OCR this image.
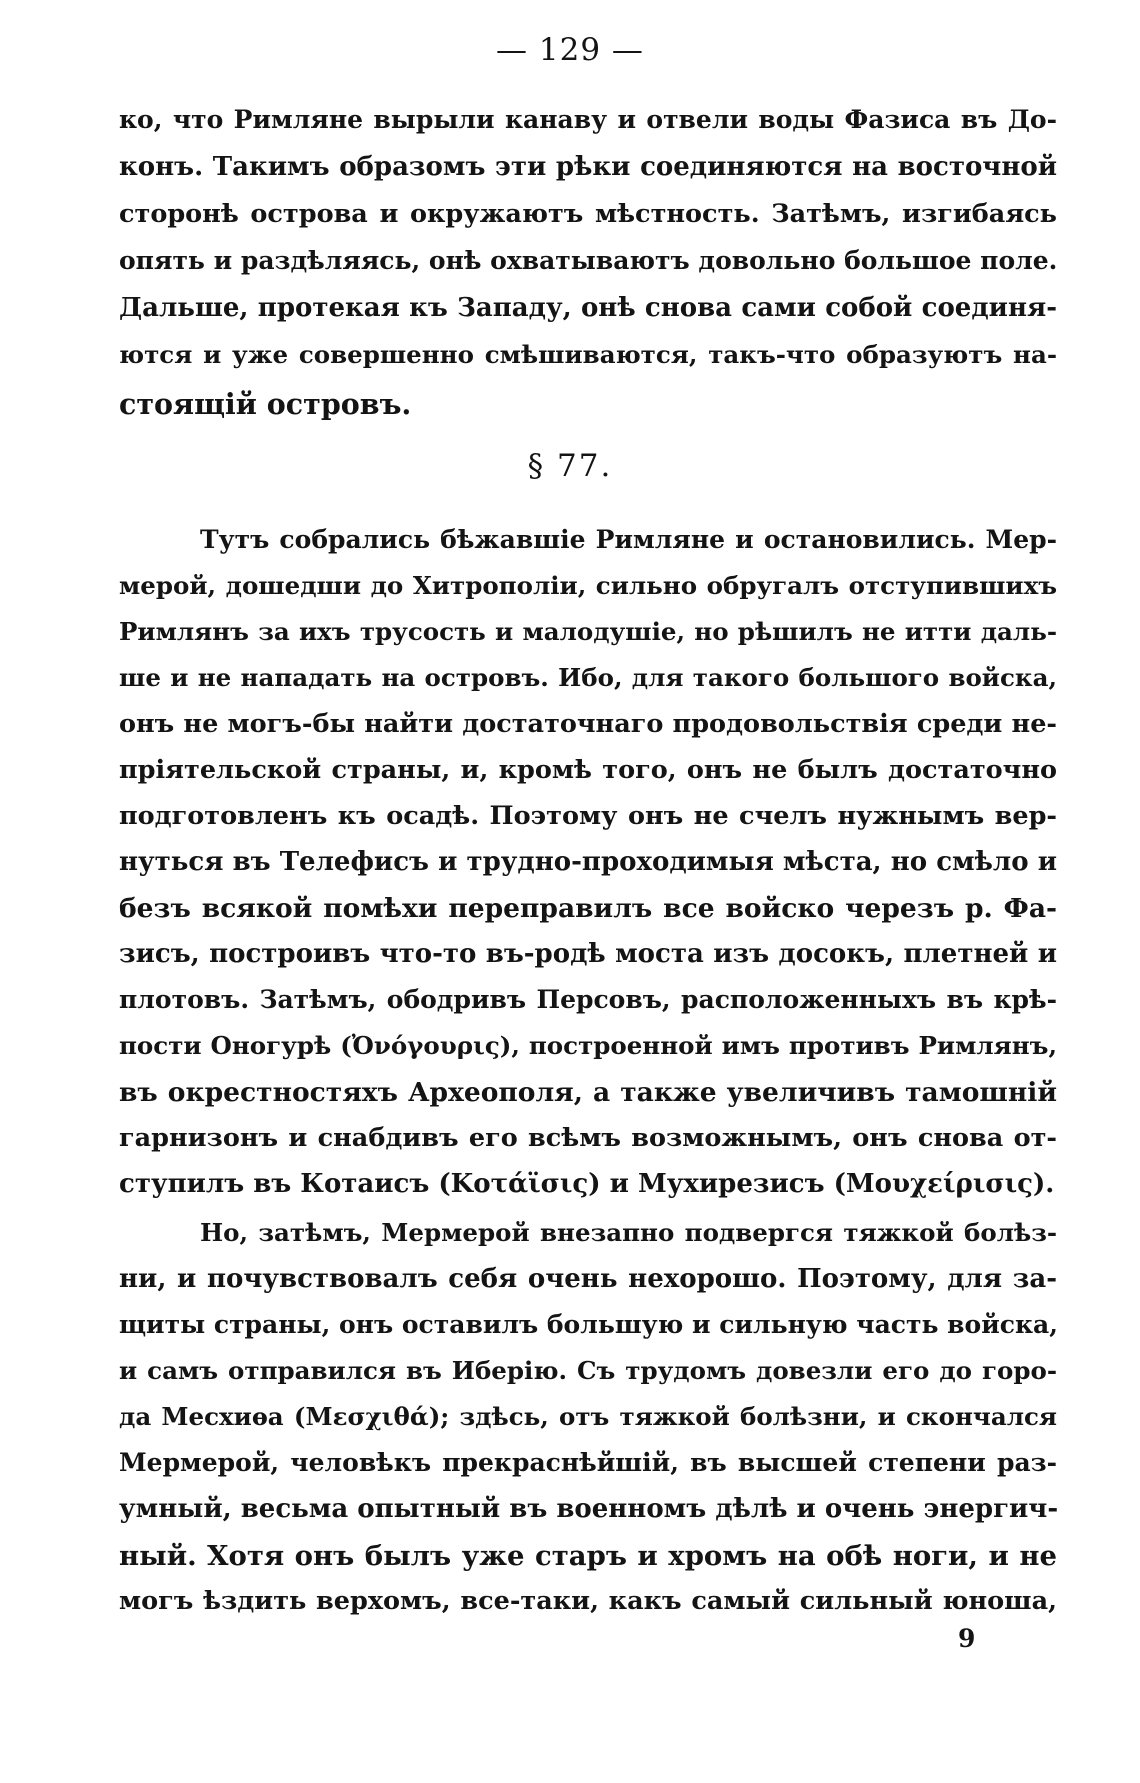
— 129 —
ко, что Римляне вырыли канаву и отвели воды Фазиса въ До-
конъ. Такимъ образомъ эти рѣки соединяются на восточной
сторонѣ острова и окружаютъ мѣстность. Затѣмъ, изгибаясь
опять и раздѣляясь, онѣ охватываютъ довольно большое поле.
Дальше, протекая къ Западу, онѣ снова сами собой соединя-
ются и уже совершенно смѣшиваются, такъ-что образуютъ на-
стоящій островъ.
§ 77.
Тутъ собрались бѣжавшіе Римляне и остановились. Мер-
мерой, дошедши до Хитрополіи, сильно обругалъ отступившихъ
Римлянъ за ихъ трусость и малодушіе, но рѣшилъ не итти даль-
ше и не нападать на островъ. Ибо, для такого большого войска,
онъ не могъ-бы найти достаточнаго продовольствія среди не-
пріятельской страны, и, кромѣ того, онъ не былъ достаточно
подготовленъ къ осадѣ. Поэтому онъ не счелъ нужнымъ вер-
нуться въ Телефисъ и трудно-проходимыя мѣста, но смѣло и
безъ всякой помѣхи переправилъ все войско черезъ р. Фа-
зисъ, построивъ что-то въ-родѣ моста изъ досокъ, плетней и
плотовъ. Затѣмъ, ободривъ Персовъ, расположенныхъ въ крѣ-
пости Оногурѣ (Ὀνόγουρις), построенной имъ противъ Римлянъ,
въ окрестностяхъ Археополя, а также увеличивъ тамошній
гарнизонъ и снабдивъ его всѣмъ возможнымъ, онъ снова от-
ступилъ въ Котаисъ (Κοτάϊσις) и Мухирезисъ (Μουχείρισις).
Но, затѣмъ, Мермерой внезапно подвергся тяжкой болѣз-
ни, и почувствовалъ себя очень нехорошо. Поэтому, для за-
щиты страны, онъ оставилъ большую и сильную часть войска,
и самъ отправился въ Иберію. Съ трудомъ довезли его до горо-
да Месхиѳа (Μεσχιθά); здѣсь, отъ тяжкой болѣзни, и скончался
Мермерой, человѣкъ прекраснѣйшій, въ высшей степени раз-
умный, весьма опытный въ военномъ дѣлѣ и очень энергич-
ный. Хотя онъ былъ уже старъ и хромъ на обѣ ноги, и не
могъ ѣздить верхомъ, все-таки, какъ самый сильный юноша,
9
